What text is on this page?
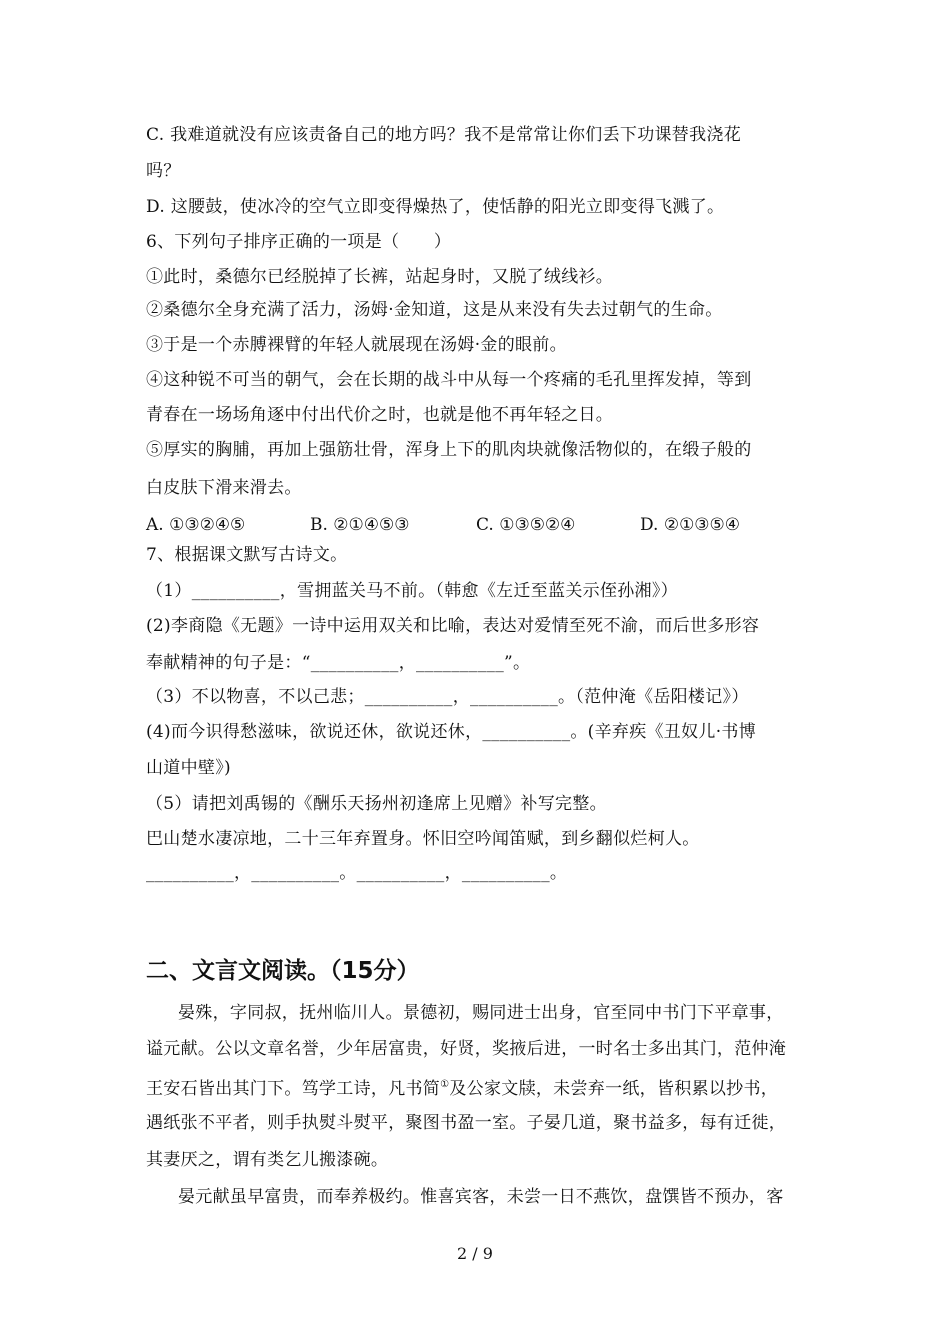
C. 我难道就没有应该责备自己的地方吗？我不是常常让你们丢下功课替我浇花
吗？
D. 这腰鼓，使冰冷的空气立即变得燥热了，使恬静的阳光立即变得飞溅了。
6、下列句子排序正确的一项是（　　）
①此时，桑德尔已经脱掉了长裤，站起身时，又脱了绒线衫。
②桑德尔全身充满了活力，汤姆·金知道，这是从来没有失去过朝气的生命。
③于是一个赤膊裸臂的年轻人就展现在汤姆·金的眼前。
④这种锐不可当的朝气，会在长期的战斗中从每一个疼痛的毛孔里挥发掉，等到
青春在一场场角逐中付出代价之时，也就是他不再年轻之日。
⑤厚实的胸脯，再加上强筋壮骨，浑身上下的肌肉块就像活物似的，在缎子般的
白皮肤下滑来滑去。
A. ①③②④⑤	B. ②①④⑤③	C. ①③⑤②④	D. ②①③⑤④
7、根据课文默写古诗文。
（1）__________，雪拥蓝关马不前。（韩愈《左迁至蓝关示侄孙湘》）
(2)李商隐《无题》一诗中运用双关和比喻，表达对爱情至死不渝，而后世多形容
奉献精神的句子是：“__________，__________”。
（3）不以物喜，不以己悲；__________，__________。（范仲淹《岳阳楼记》）
(4)而今识得愁滋味，欲说还休，欲说还休，__________。(辛弃疾《丑奴儿·书博
山道中壁》)
（5）请把刘禹锡的《酬乐天扬州初逢席上见赠》补写完整。
巴山楚水凄凉地，二十三年弃置身。怀旧空吟闻笛赋，到乡翻似烂柯人。
__________，__________。__________，__________。
二、文言文阅读。（15分）
晏殊，字同叔，抚州临川人。景德初，赐同进士出身，官至同中书门下平章事，
谥元献。公以文章名誉，少年居富贵，好贤，奖掖后进，一时名士多出其门，范仲淹
王安石皆出其门下。笃学工诗，凡书简①及公家文牍，未尝弃一纸，皆积累以抄书，
遇纸张不平者，则手执熨斗熨平，聚图书盈一室。子晏几道，聚书益多，每有迁徙，
其妻厌之，谓有类乞儿搬漆碗。
晏元献虽早富贵，而奉养极约。惟喜宾客，未尝一日不燕饮，盘馔皆不预办，客
2 / 9
